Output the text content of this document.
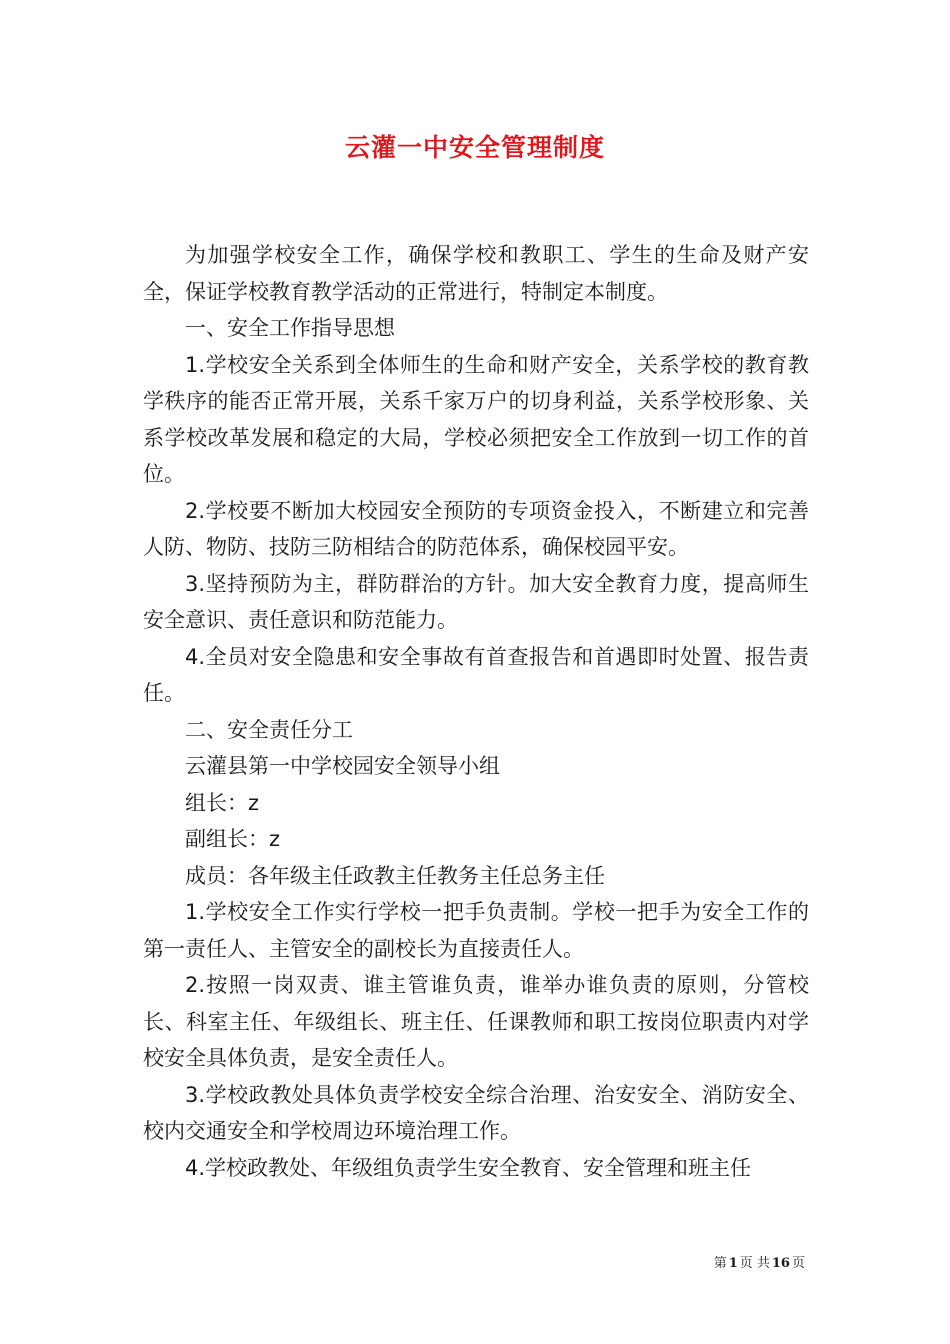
云灌一中安全管理制度

为加强学校安全工作，确保学校和教职工、学生的生命及财产安全，保证学校教育教学活动的正常进行，特制定本制度。

一、安全工作指导思想

1.学校安全关系到全体师生的生命和财产安全，关系学校的教育教学秩序的能否正常开展，关系千家万户的切身利益，关系学校形象、关系学校改革发展和稳定的大局，学校必须把安全工作放到一切工作的首位。

2.学校要不断加大校园安全预防的专项资金投入，不断建立和完善人防、物防、技防三防相结合的防范体系，确保校园平安。

3.坚持预防为主，群防群治的方针。加大安全教育力度，提高师生安全意识、责任意识和防范能力。

4.全员对安全隐患和安全事故有首查报告和首遇即时处置、报告责任。

二、安全责任分工

云灌县第一中学校园安全领导小组

组长：z

副组长：z

成员：各年级主任政教主任教务主任总务主任

1.学校安全工作实行学校一把手负责制。学校一把手为安全工作的第一责任人、主管安全的副校长为直接责任人。

2.按照一岗双责、谁主管谁负责，谁举办谁负责的原则，分管校长、科室主任、年级组长、班主任、任课教师和职工按岗位职责内对学校安全具体负责，是安全责任人。

3.学校政教处具体负责学校安全综合治理、治安安全、消防安全、校内交通安全和学校周边环境治理工作。

4.学校政教处、年级组负责学生安全教育、安全管理和班主任

第 1 页 共 16 页
